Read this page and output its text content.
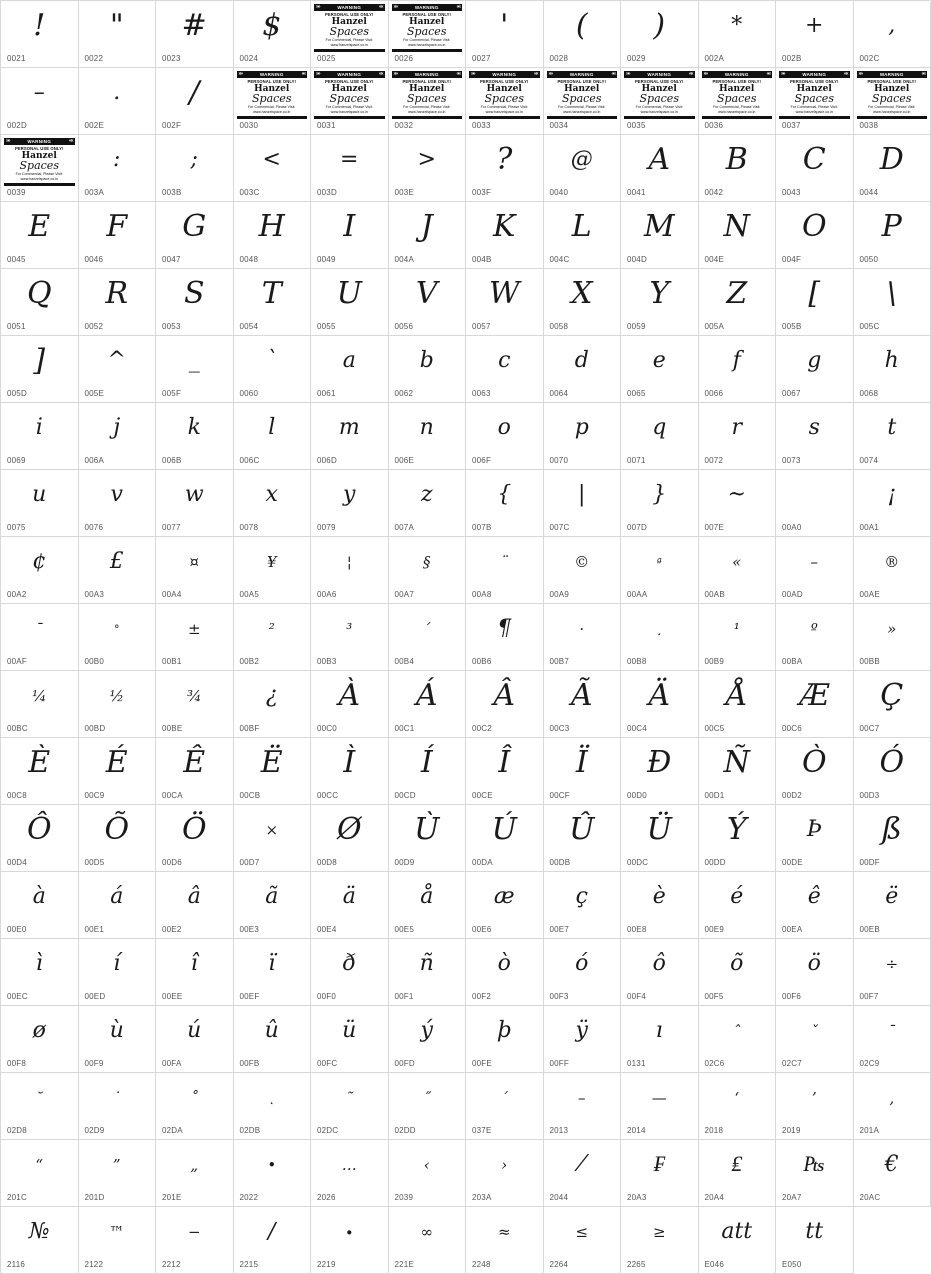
!
0021
"
0022
#
0023
$
0024
»»	WARNING	««
PERSONAL USE ONLY!
Hanzel
Spaces
For Commercial, Please Visit:
www.hanzelspace.co.in
0025
»»	WARNING	««
PERSONAL USE ONLY!
Hanzel
Spaces
For Commercial, Please Visit:
www.hanzelspace.co.in
0026
'
0027
(
0028
)
0029
*
002A
+
002B
,
002C
–
002D
.
002E
/
002F
»»	WARNING	««
PERSONAL USE ONLY!
Hanzel
Spaces
For Commercial, Please Visit:
www.hanzelspace.co.in
0030
»»	WARNING	««
PERSONAL USE ONLY!
Hanzel
Spaces
For Commercial, Please Visit:
www.hanzelspace.co.in
0031
»»	WARNING	««
PERSONAL USE ONLY!
Hanzel
Spaces
For Commercial, Please Visit:
www.hanzelspace.co.in
0032
»»	WARNING	««
PERSONAL USE ONLY!
Hanzel
Spaces
For Commercial, Please Visit:
www.hanzelspace.co.in
0033
»»	WARNING	««
PERSONAL USE ONLY!
Hanzel
Spaces
For Commercial, Please Visit:
www.hanzelspace.co.in
0034
»»	WARNING	««
PERSONAL USE ONLY!
Hanzel
Spaces
For Commercial, Please Visit:
www.hanzelspace.co.in
0035
»»	WARNING	««
PERSONAL USE ONLY!
Hanzel
Spaces
For Commercial, Please Visit:
www.hanzelspace.co.in
0036
»»	WARNING	««
PERSONAL USE ONLY!
Hanzel
Spaces
For Commercial, Please Visit:
www.hanzelspace.co.in
0037
»»	WARNING	««
PERSONAL USE ONLY!
Hanzel
Spaces
For Commercial, Please Visit:
www.hanzelspace.co.in
0038
»»	WARNING	««
PERSONAL USE ONLY!
Hanzel
Spaces
For Commercial, Please Visit:
www.hanzelspace.co.in
0039
:
003A
;
003B
<
003C
=
003D
>
003E
?
003F
@
0040
A
0041
B
0042
C
0043
D
0044
E
0045
F
0046
G
0047
H
0048
I
0049
J
004A
K
004B
L
004C
M
004D
N
004E
O
004F
P
0050
Q
0051
R
0052
S
0053
T
0054
U
0055
V
0056
W
0057
X
0058
Y
0059
Z
005A
[
005B
\
005C
]
005D
^
005E
_
005F
`
0060
a
0061
b
0062
c
0063
d
0064
e
0065
f
0066
g
0067
h
0068
i
0069
j
006A
k
006B
l
006C
m
006D
n
006E
o
006F
p
0070
q
0071
r
0072
s
0073
t
0074
u
0075
v
0076
w
0077
x
0078
y
0079
z
007A
{
007B
|
007C
}
007D
~
007E	00A0
¡
00A1
¢
00A2
£
00A3
¤
00A4
¥
00A5
¦
00A6
§
00A7
¨
00A8
©
00A9
ª
00AA
«
00AB
–
00AD
®
00AE
¯
00AF
°
00B0
±
00B1
²
00B2
³
00B3
´
00B4
¶
00B6
·
00B7
¸
00B8
¹
00B9
º
00BA
»
00BB
¼
00BC
½
00BD
¾
00BE
¿
00BF
À
00C0
Á
00C1
Â
00C2
Ã
00C3
Ä
00C4
Å
00C5
Æ
00C6
Ç
00C7
È
00C8
É
00C9
Ê
00CA
Ë
00CB
Ì
00CC
Í
00CD
Î
00CE
Ï
00CF
Ð
00D0
Ñ
00D1
Ò
00D2
Ó
00D3
Ô
00D4
Õ
00D5
Ö
00D6
×
00D7
Ø
00D8
Ù
00D9
Ú
00DA
Û
00DB
Ü
00DC
Ý
00DD
Þ
00DE
ß
00DF
à
00E0
á
00E1
â
00E2
ã
00E3
ä
00E4
å
00E5
æ
00E6
ç
00E7
è
00E8
é
00E9
ê
00EA
ë
00EB
ì
00EC
í
00ED
î
00EE
ï
00EF
ð
00F0
ñ
00F1
ò
00F2
ó
00F3
ô
00F4
õ
00F5
ö
00F6
÷
00F7
ø
00F8
ù
00F9
ú
00FA
û
00FB
ü
00FC
ý
00FD
þ
00FE
ÿ
00FF
ı
0131
ˆ
02C6
ˇ
02C7
ˉ
02C9
˘
02D8
˙
02D9
˚
02DA
˛
02DB
˜
02DC
˝
02DD
΄
037E
–
2013
—
2014
‘
2018
’
2019
‚
201A
“
201C
”
201D
„
201E
•
2022
…
2026
‹
2039
›
203A
⁄
2044
₣
20A3
₤
20A4
₧
20A7
€
20AC
№
2116
™
2122
−
2212
∕
2215
∙
2219
∞
221E
≈
2248
≤
2264
≥
2265
att
E046
tt
E050
